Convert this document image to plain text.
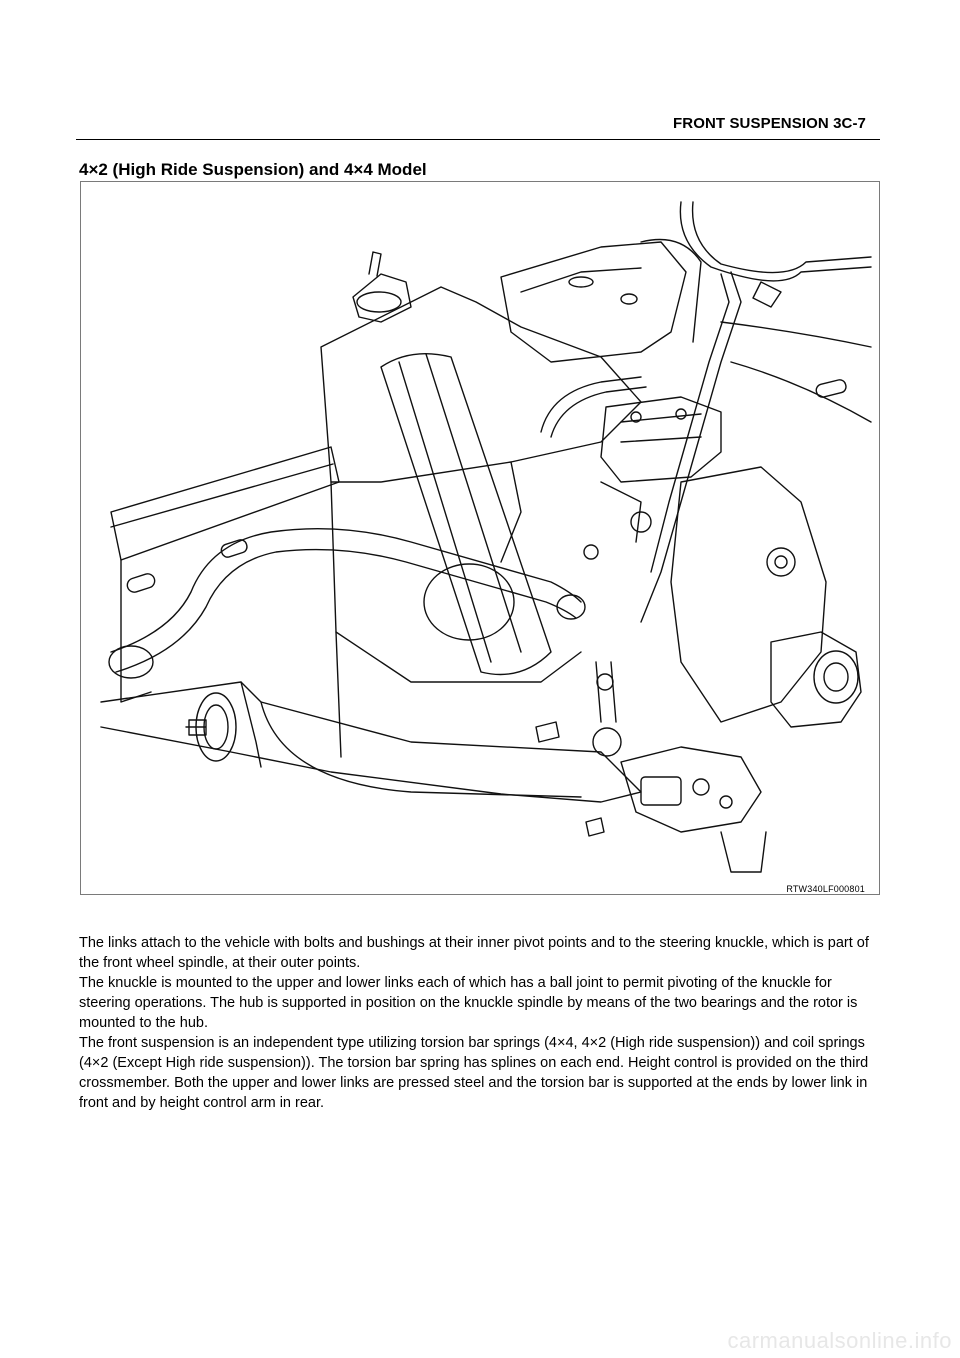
FRONT SUSPENSION 3C-7
4×2 (High Ride Suspension) and 4×4 Model
RTW340LF000801

The links attach to the vehicle with bolts and bushings at their inner pivot points and to the steering knuckle, which is part of the front wheel spindle, at their outer points.

The knuckle is mounted to the upper and lower links each of which has a ball joint to permit pivoting of the knuckle for steering operations. The hub is supported in position on the knuckle spindle by means of the two bearings and the rotor is mounted to the hub.

The front suspension is an independent type utilizing torsion bar springs (4×4, 4×2 (High ride suspension)) and coil springs (4×2 (Except High ride suspension)). The torsion bar spring has splines on each end. Height control is provided on the third crossmember. Both the upper and lower links are pressed steel and the torsion bar is supported at the ends by lower link in front and by height control arm in rear.

carmanualsonline.info
